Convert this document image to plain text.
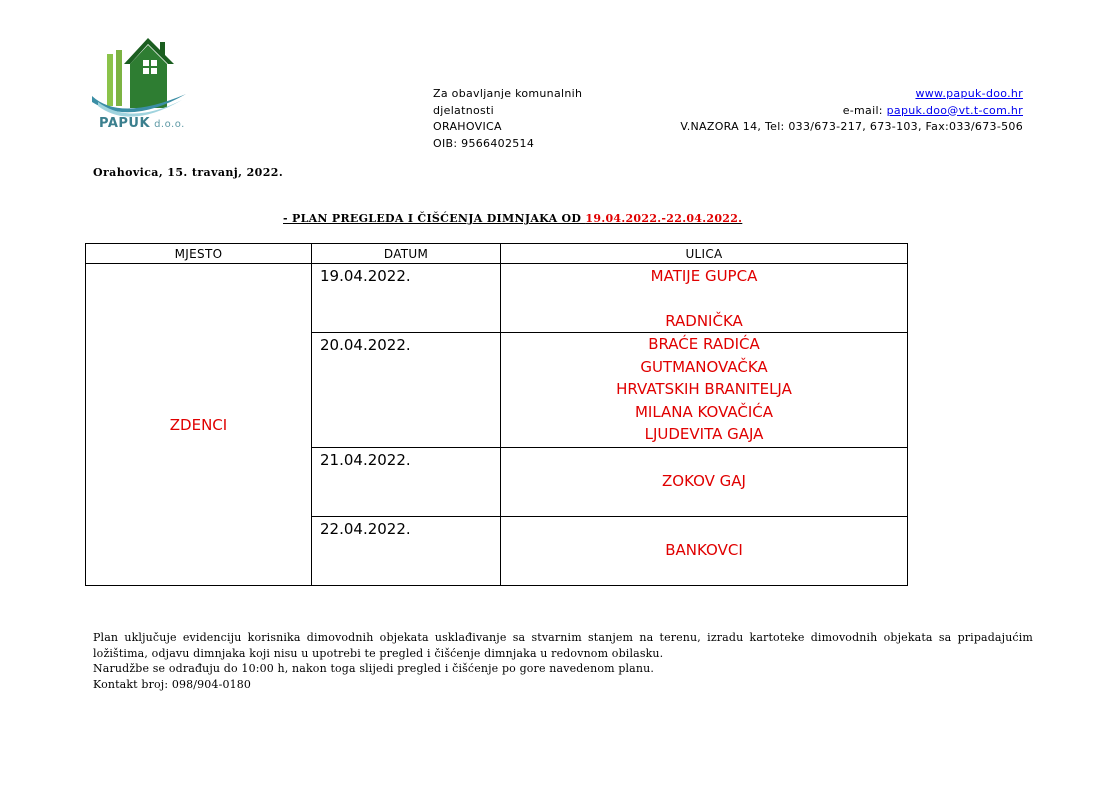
PAPUK d.o.o.
Za obavljanje komunalnih
djelatnosti
ORAHOVICA
OIB: 9566402514
www.papuk-doo.hr
e-mail: papuk.doo@vt.t-com.hr
V.NAZORA 14, Tel: 033/673-217, 673-103, Fax:033/673-506
Orahovica, 15. travanj, 2022.
- PLAN PREGLEDA I ČIŠĆENJA DIMNJAKA OD 19.04.2022.-22.04.2022.
MJESTO	DATUM	ULICA
ZDENCI	19.04.2022.	MATIJE GUPCA
RADNIČKA

	20.04.2022.	BRAĆE RADIĆA
GUTMANOVAČKA
HRVATSKIH BRANITELJA
MILANA KOVAČIĆA
LJUDEVITA GAJA

	21.04.2022.	ZOKOV GAJ

	22.04.2022.	BANKOVCI

Plan uključuje evidenciju korisnika dimovodnih objekata usklađivanje sa stvarnim stanjem na terenu, izradu kartoteke dimovodnih objekata sa pripadajućim ložištima, odjavu dimnjaka koji nisu u upotrebi te pregled i čišćenje dimnjaka u redovnom obilasku.

Narudžbe se odrađuju do 10:00 h, nakon toga slijedi pregled i čišćenje po gore navedenom planu.

Kontakt broj: 098/904-0180
